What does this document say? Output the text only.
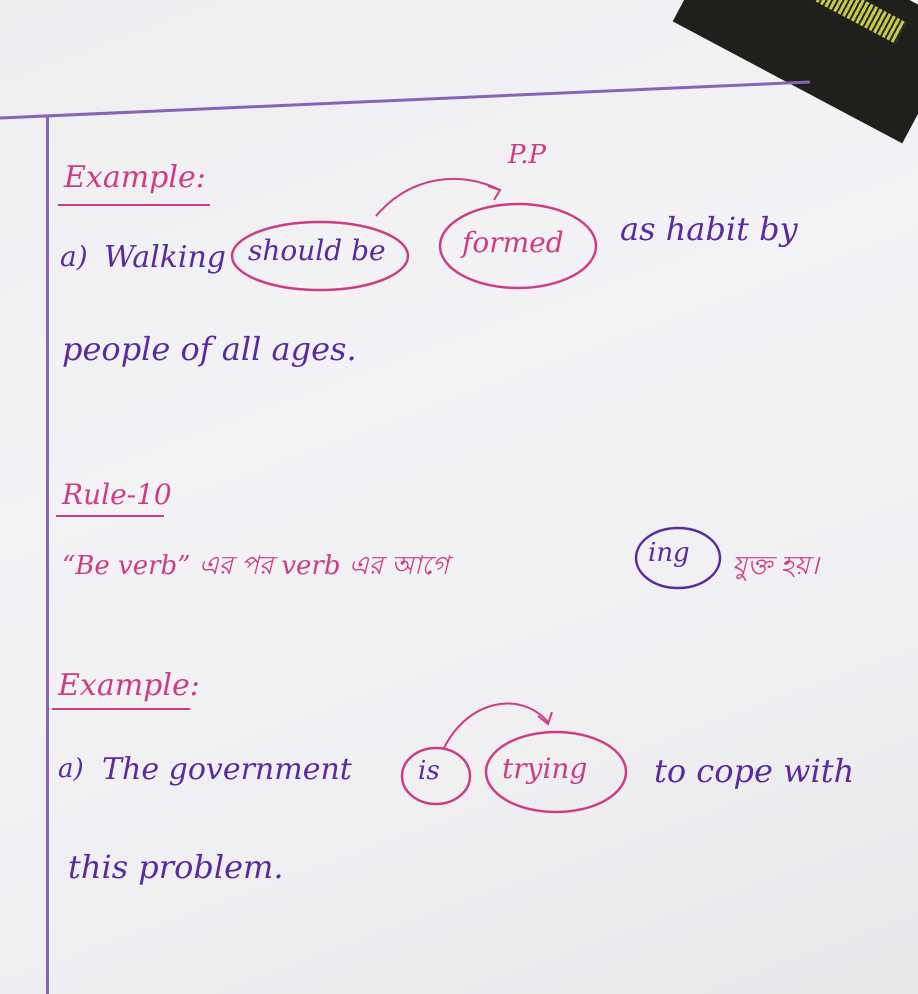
Example:
P.P
a) Walking should be	formed as habit by
people of all ages.
Rule-10
“Be verb” এর পর verb এর আগে	ing যুক্ত হয়।
Example:
a) The government	is trying to cope with
this problem.
